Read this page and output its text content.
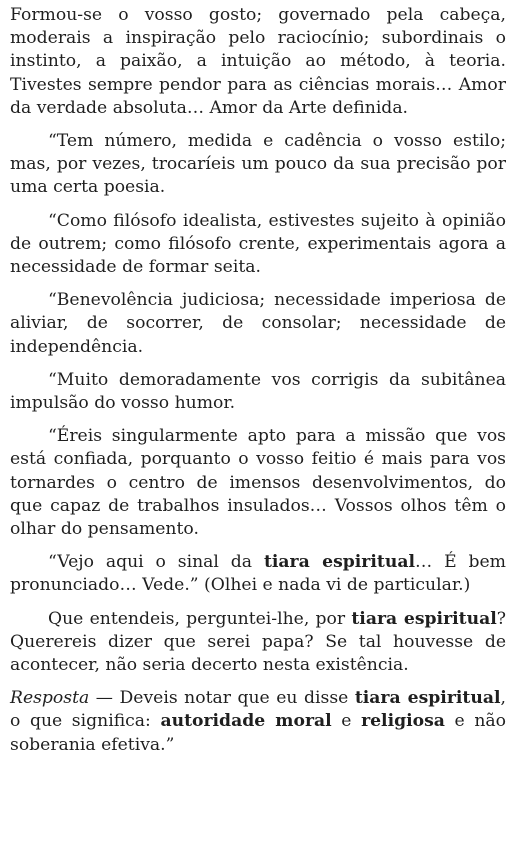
Formou-se o vosso gosto; governado pela cabeça, moderais a inspiração pelo raciocínio; subordinais o instinto, a paixão, a intuição ao método, à teoria. Tivestes sempre pendor para as ciências morais… Amor da verdade absoluta… Amor da Arte definida.

“Tem número, medida e cadência o vosso estilo; mas, por vezes, trocaríeis um pouco da sua precisão por uma certa poesia.

“Como filósofo idealista, estivestes sujeito à opinião de outrem; como filósofo crente, experimentais agora a necessidade de formar seita.

“Benevolência judiciosa; necessidade imperiosa de aliviar, de socorrer, de consolar; necessidade de independência.

“Muito demoradamente vos corrigis da subitânea impulsão do vosso humor.

“Éreis singularmente apto para a missão que vos está confiada, porquanto o vosso feitio é mais para vos tornardes o centro de imensos desenvolvimentos, do que capaz de trabalhos insulados… Vossos olhos têm o olhar do pensamento.

“Vejo aqui o sinal da tiara espiritual… É bem pronunciado… Vede.” (Olhei e nada vi de particular.)

Que entendeis, perguntei-lhe, por tiara espiritual? Querereis dizer que serei papa? Se tal houvesse de acontecer, não seria decerto nesta existência.

Resposta — Deveis notar que eu disse tiara espiritual, o que significa: autoridade moral e religiosa e não soberania efetiva.”
